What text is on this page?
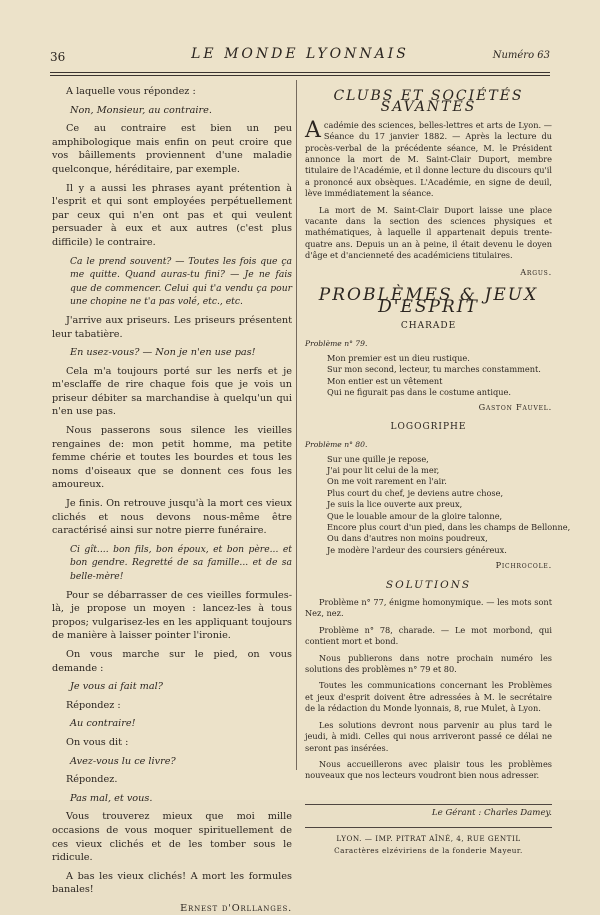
36	LE MONDE LYONNAIS	Numéro 63

A laquelle vous répondez :

Non, Monsieur, au contraire.

Ce au contraire est bien un peu amphibologique mais enfin on peut croire que vos bâillements proviennent d'une maladie quelconque, héréditaire, par exemple.

Il y a aussi les phrases ayant prétention à l'esprit et qui sont employées perpétuellement par ceux qui n'en ont pas et qui veulent persuader à eux et aux autres (c'est plus difficile) le contraire.

Ca le prend souvent? — Toutes les fois que ça me quitte. Quand auras-tu fini? — Je ne fais que de commencer. Celui qui t'a vendu ça pour une chopine ne t'a pas volé, etc., etc.

J'arrive aux priseurs. Les priseurs présentent leur tabatière.

En usez-vous? — Non je n'en use pas!

Cela m'a toujours porté sur les nerfs et je m'esclaffe de rire chaque fois que je vois un priseur débiter sa marchandise à quelqu'un qui n'en use pas.

Nous passerons sous silence les vieilles rengaines de: mon petit homme, ma petite femme chérie et toutes les bourdes et tous les noms d'oiseaux que se donnent ces fous les amoureux.

Je finis. On retrouve jusqu'à la mort ces vieux clichés et nous devons nous-même être caractérisé ainsi sur notre pierre funéraire.

Ci gît.... bon fils, bon époux, et bon père... et bon gendre. Regretté de sa famille... et de sa belle-mère!

Pour se débarrasser de ces vieilles formules-là, je propose un moyen : lancez-les à tous propos; vulgarisez-les en les appliquant toujours de manière à laisser pointer l'ironie.

On vous marche sur le pied, on vous demande :

Je vous ai fait mal?

Répondez :

Au contraire!

On vous dit :

Avez-vous lu ce livre?

Répondez.

Pas mal, et vous.

Vous trouverez mieux que moi mille occasions de vous moquer spirituellement de ces vieux clichés et de les tomber sous le ridicule.

A bas les vieux clichés! A mort les formules banales!

Ernest d'Orllanges.

CLUBS ET SOCIÉTÉS SAVANTES

Académie des sciences, belles-lettres et arts de Lyon. — Séance du 17 janvier 1882. — Après la lecture du procès-verbal de la précédente séance, M. le Président annonce la mort de M. Saint-Clair Duport, membre titulaire de l'Académie, et il donne lecture du discours qu'il a prononcé aux obsèques. L'Académie, en signe de deuil, lève immédiatement la séance.

La mort de M. Saint-Clair Duport laisse une place vacante dans la section des sciences physiques et mathématiques, à laquelle il appartenait depuis trente-quatre ans. Depuis un an à peine, il était devenu le doyen d'âge et d'ancienneté des académiciens titulaires.

Argus.

PROBLÈMES & JEUX D'ESPRIT
CHARADE
Problème n° 79.
Mon premier est un dieu rustique.
Sur mon second, lecteur, tu marches constamment.
Mon entier est un vêtement
Qui ne figurait pas dans le costume antique.

Gaston Fauvel.

LOGOGRIPHE
Problème n° 80.
Sur une quille je repose,
J'ai pour lit celui de la mer,
On me voit rarement en l'air.
Plus court du chef, je deviens autre chose,
Je suis la lice ouverte aux preux,
Que le louable amour de la gloire talonne,
Encore plus court d'un pied, dans les champs de Bellonne,
Ou dans d'autres non moins poudreux,
Je modère l'ardeur des coursiers généreux.

Pichrocole.

SOLUTIONS

Problème n° 77, énigme homonymique. — les mots sont Nez, nez.

Problème n° 78, charade. — Le mot morbond, qui contient mort et bond.

Nous publierons dans notre prochain numéro les solutions des problèmes n° 79 et 80.

Toutes les communications concernant les Problèmes et jeux d'esprit doivent être adressées à M. le secrétaire de la rédaction du Monde lyonnais, 8, rue Mulet, à Lyon.

Les solutions devront nous parvenir au plus tard le jeudi, à midi. Celles qui nous arriveront passé ce délai ne seront pas insérées.

Nous accueillerons avec plaisir tous les problèmes nouveaux que nos lecteurs voudront bien nous adresser.

Le Gérant : Charles Damey.
LYON. — IMP. PITRAT AÎNÉ, 4, RUE GENTIL
Caractères elzéviriens de la fonderie Mayeur.
